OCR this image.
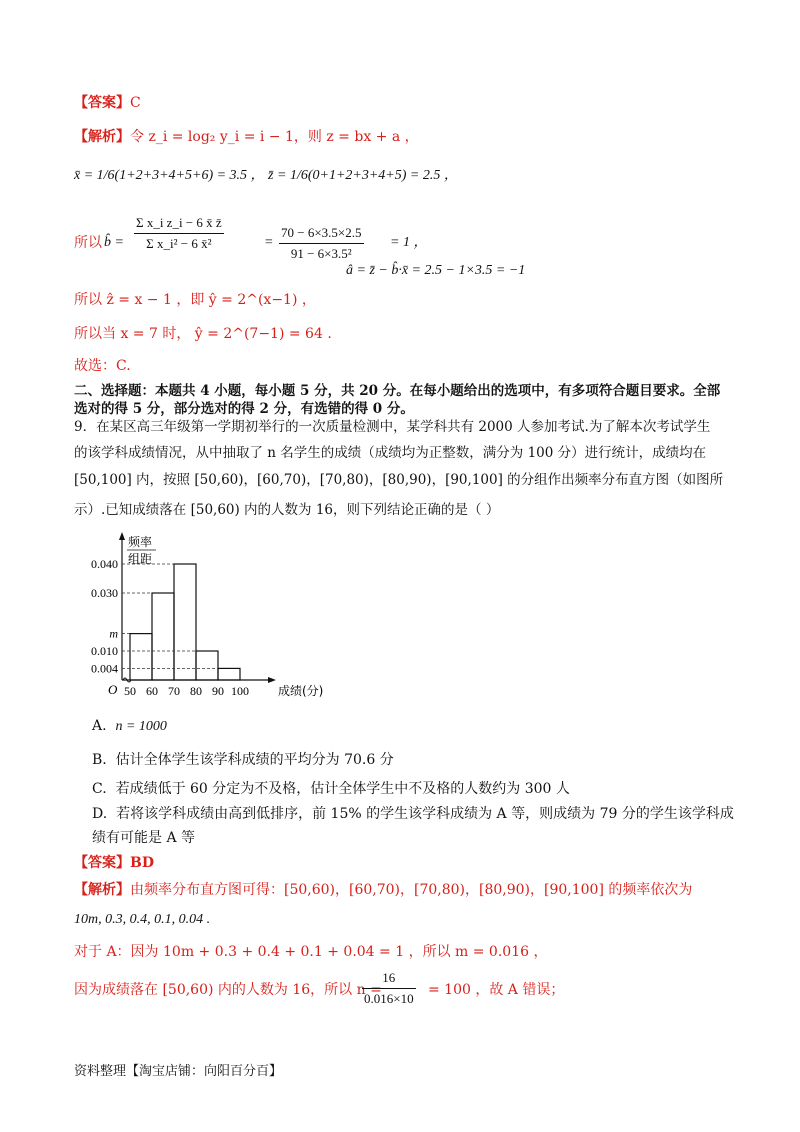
【答案】C
【解析】令 z_i = log₂ y_i = i − 1，则 z = bx + a ，
x̄ = 1/6(1+2+3+4+5+6) = 3.5 ， z̄ = 1/6(0+1+2+3+4+5) = 2.5 ，
所以 b̂ = $\frac{\text{Σ x\_i z\_i − 6 x̄ z̄}}{\text{Σ x\_i² − 6 x̄²}}$	= $\frac{70 - 6\times 3.5\times 2.5}{\text{91 − 6×3.5²}} = 1$ ，
â = z̄ − b̂·x̄ = 2.5 − 1×3.5 = −1
所以 ẑ = x − 1 ，即 ŷ = 2^(x−1) ，
所以当 x = 7 时， ŷ = 2^(7−1) = 64 .
故选：C.
二、选择题：本题共 4 小题，每小题 5 分，共 20 分。在每小题给出的选项中，有多项符合题目要求。全部
选对的得 5 分，部分选对的得 2 分，有选错的得 0 分。
9．在某区高三年级第一学期初举行的一次质量检测中，某学科共有 2000 人参加考试.为了解本次考试学生
的该学科成绩情况，从中抽取了 n 名学生的成绩（成绩均为正整数，满分为 100 分）进行统计，成绩均在
[50,100] 内，按照 [50,60)，[60,70)，[70,80)，[80,90)，[90,100] 的分组作出频率分布直方图（如图所
示）.已知成绩落在 [50,60) 内的人数为 16，则下列结论正确的是（ ）
频率
组距
0.040
0.030
m
0.010
0.004
50 60 70 80 90 100
O	成绩(分)
A. n = 1000
B. 估计全体学生该学科成绩的平均分为 70.6 分
C. 若成绩低于 60 分定为不及格，估计全体学生中不及格的人数约为 300 人
D. 若将该学科成绩由高到低排序，前 15% 的学生该学科成绩为 A 等，则成绩为 79 分的学生该学科成
绩有可能是 A 等
【答案】BD
【解析】由频率分布直方图可得：[50,60)，[60,70)，[70,80)，[80,90)，[90,100] 的频率依次为
10m, 0.3, 0.4, 0.1, 0.04 .
对于 A：因为 10m + 0.3 + 0.4 + 0.1 + 0.04 = 1 ，所以 m = 0.016 ，
因为成绩落在 [50,60) 内的人数为 16，所以 n =
$\frac{16}{0.016\times 10} = 100$ ，故 A 错误；
资料整理【淘宝店铺：向阳百分百】
